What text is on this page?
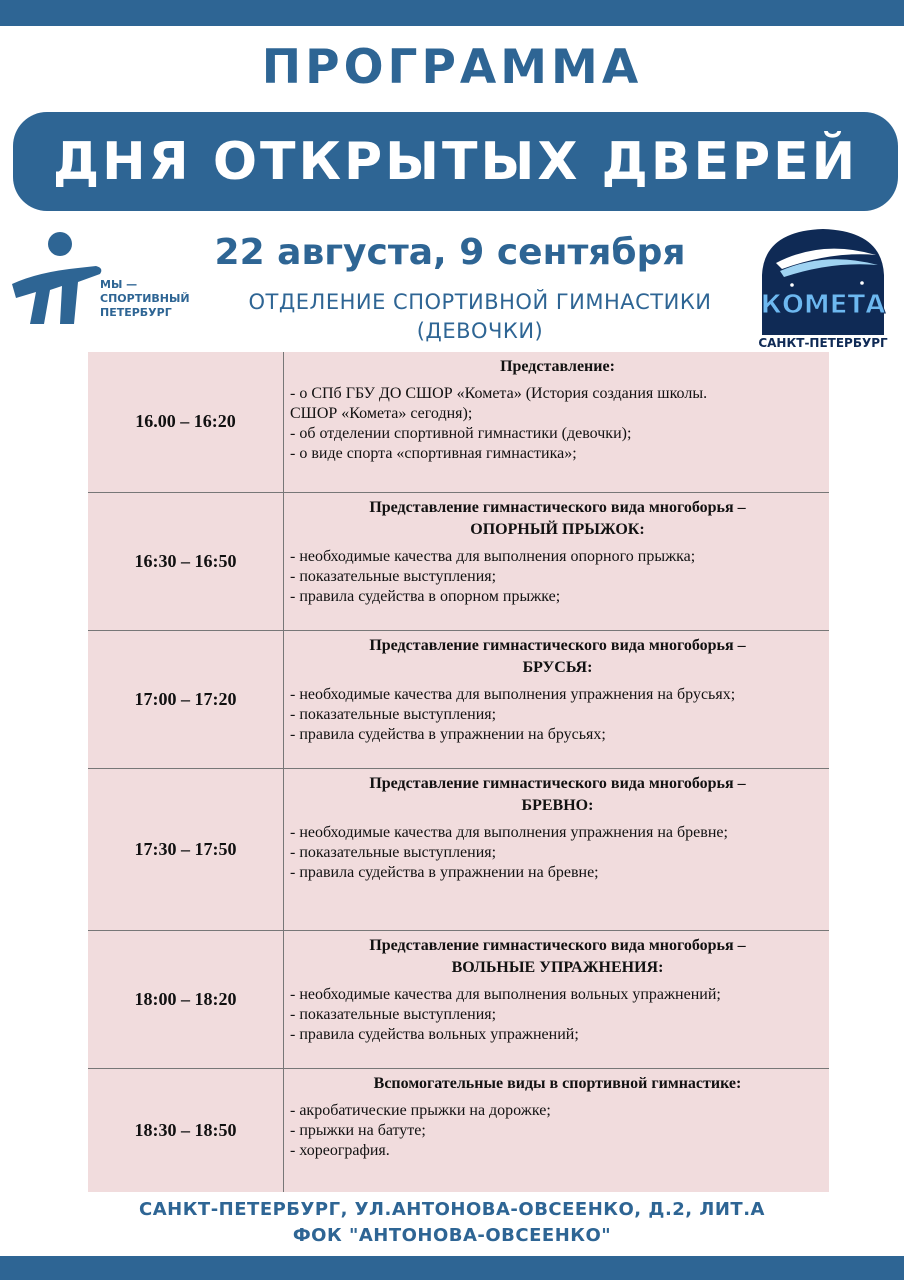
ПРОГРАММА
ДНЯ ОТКРЫТЫХ ДВЕРЕЙ
МЫ —
СПОРТИВНЫЙ
ПЕТЕРБУРГ
22 августа, 9 сентября
ОТДЕЛЕНИЕ СПОРТИВНОЙ ГИМНАСТИКИ
(ДЕВОЧКИ)
КОМЕТА
САНКТ-ПЕТЕРБУРГ
16.00 – 16:20	Представление:
- о СПб ГБУ ДО СШОР «Комета» (История создания школы.
СШОР «Комета» сегодня);
- об отделении спортивной гимнастики (девочки);
- о виде спорта «спортивная гимнастика»;

16:30 – 16:50	Представление гимнастического вида многоборья –
ОПОРНЫЙ ПРЫЖОК:
- необходимые качества для выполнения опорного прыжка;
- показательные выступления;
- правила судейства в опорном прыжке;

17:00 – 17:20	Представление гимнастического вида многоборья –
БРУСЬЯ:
- необходимые качества для выполнения упражнения на брусьях;
- показательные выступления;
- правила судейства в упражнении на брусьях;

17:30 – 17:50	Представление гимнастического вида многоборья –
БРЕВНО:
- необходимые качества для выполнения упражнения на бревне;
- показательные выступления;
- правила судейства в упражнении на бревне;

18:00 – 18:20	Представление гимнастического вида многоборья –
ВОЛЬНЫЕ УПРАЖНЕНИЯ:
- необходимые качества для выполнения вольных упражнений;
- показательные выступления;
- правила судейства вольных упражнений;

18:30 – 18:50	Вспомогательные виды в спортивной гимнастике:
- акробатические прыжки на дорожке;
- прыжки на батуте;
- хореография.
САНКТ-ПЕТЕРБУРГ, УЛ.АНТОНОВА-ОВСЕЕНКО, Д.2, ЛИТ.А
ФОК "АНТОНОВА-ОВСЕЕНКО"
